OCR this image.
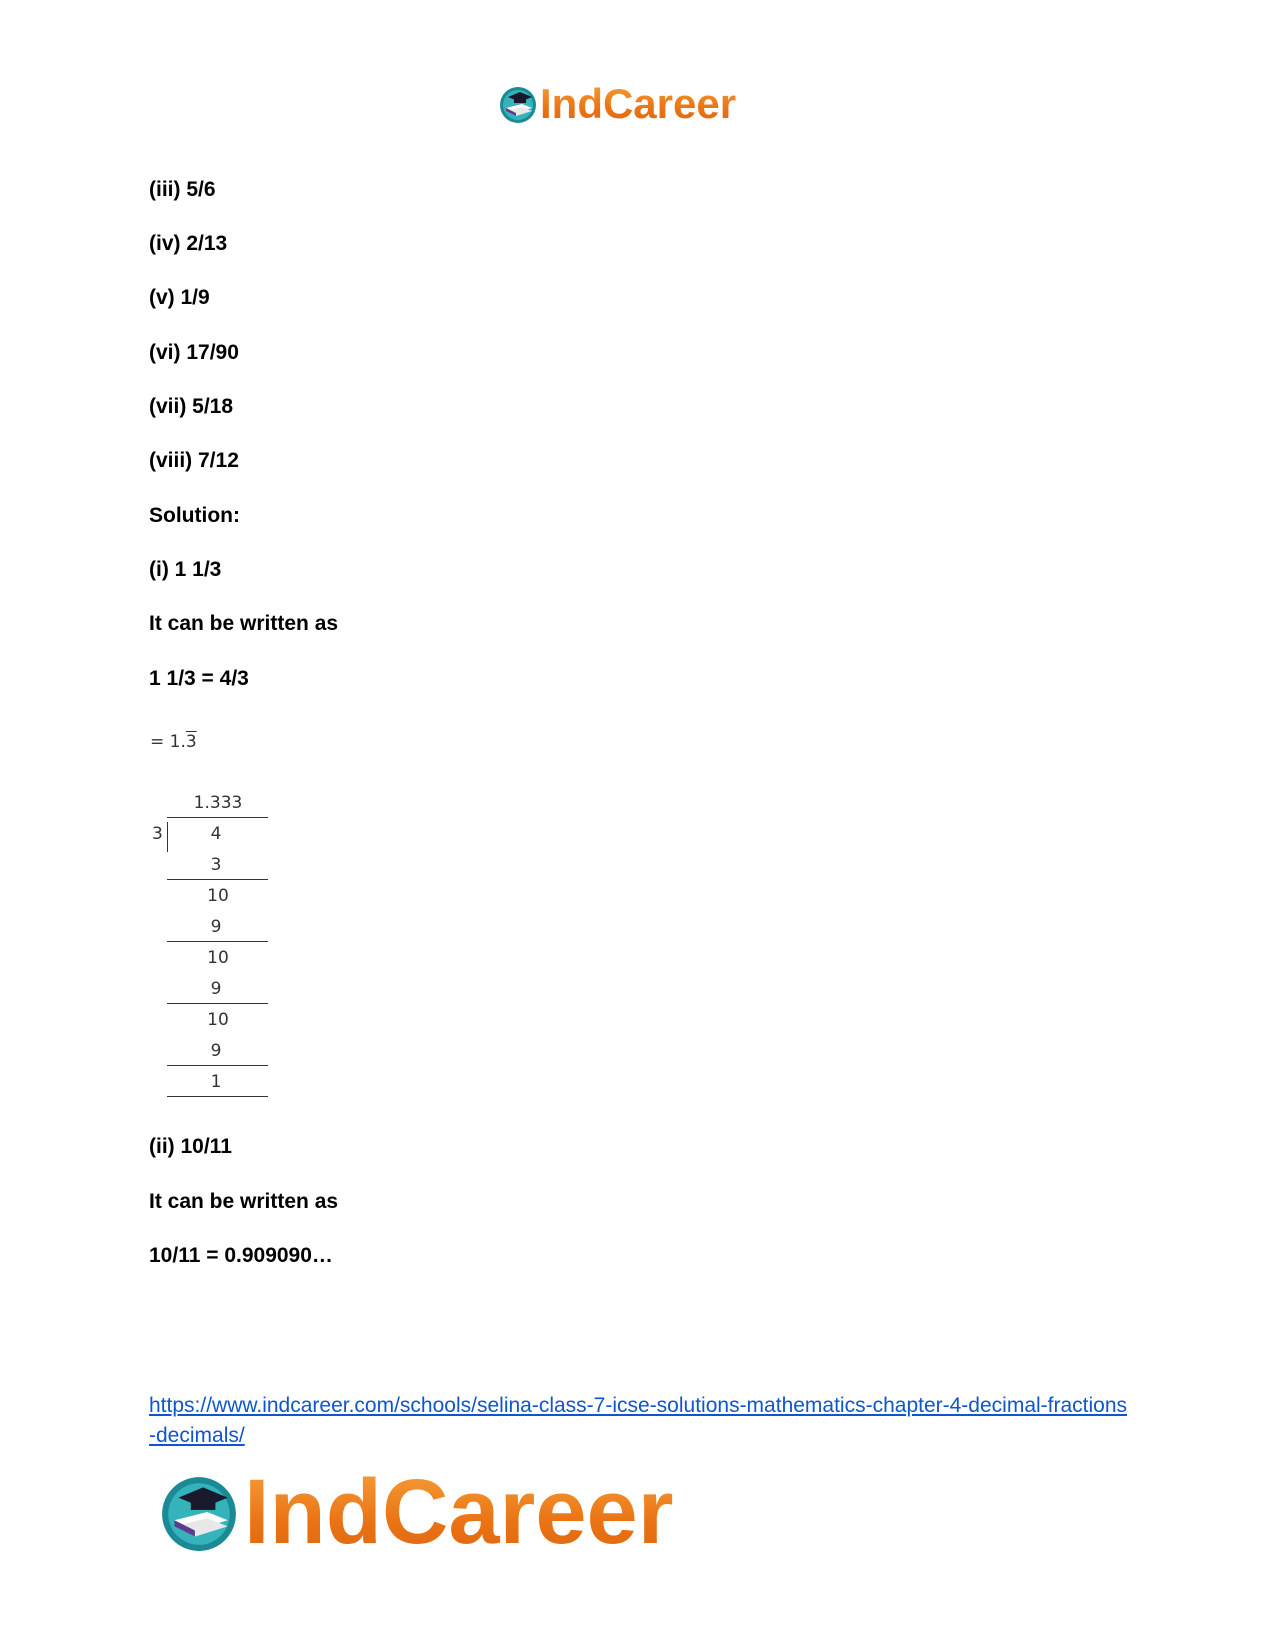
IndCareer
(iii) 5/6
(iv) 2/13
(v) 1/9
(vi) 17/90
(vii) 5/18
(viii) 7/12
Solution:
(i) 1 1/3
It can be written as
1 1/3 = 4/3
= 1.3
1.333
3	4
3
10
9
10
9
10
9
1
(ii) 10/11
It can be written as
10/11 = 0.909090…
https://www.indcareer.com/schools/selina-class-7-icse-solutions-mathematics-chapter-4-decimal-fractions-decimals/
IndCareer
